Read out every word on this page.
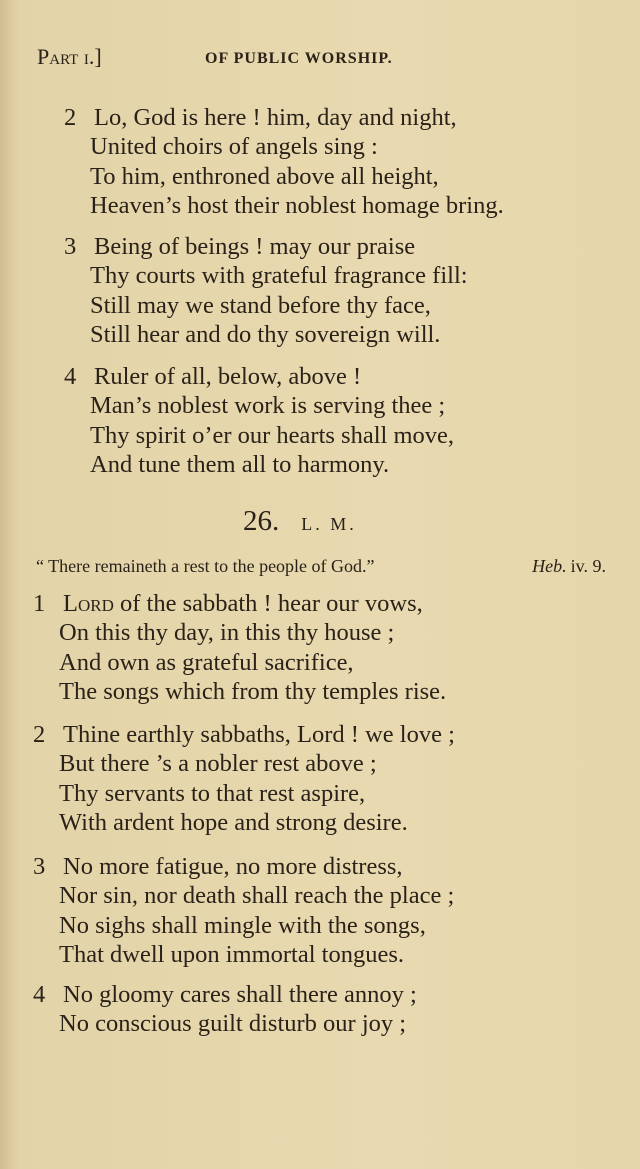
Part i.]	OF PUBLIC WORSHIP.
2 Lo, God is here ! him, day and night,
United choirs of angels sing :
To him, enthroned above all height,
Heaven’s host their noblest homage bring.
3 Being of beings ! may our praise
Thy courts with grateful fragrance fill:
Still may we stand before thy face,
Still hear and do thy sovereign will.
4 Ruler of all, below, above !
Man’s noblest work is serving thee ;
Thy spirit o’er our hearts shall move,
And tune them all to harmony.
26. L. M.
“ There remaineth a rest to the people of God.”	Heb. iv. 9.
1 Lord of the sabbath ! hear our vows,
On this thy day, in this thy house ;
And own as grateful sacrifice,
The songs which from thy temples rise.
2 Thine earthly sabbaths, Lord ! we love ;
But there ’s a nobler rest above ;
Thy servants to that rest aspire,
With ardent hope and strong desire.
3 No more fatigue, no more distress,
Nor sin, nor death shall reach the place ;
No sighs shall mingle with the songs,
That dwell upon immortal tongues.
4 No gloomy cares shall there annoy ;
No conscious guilt disturb our joy ;
